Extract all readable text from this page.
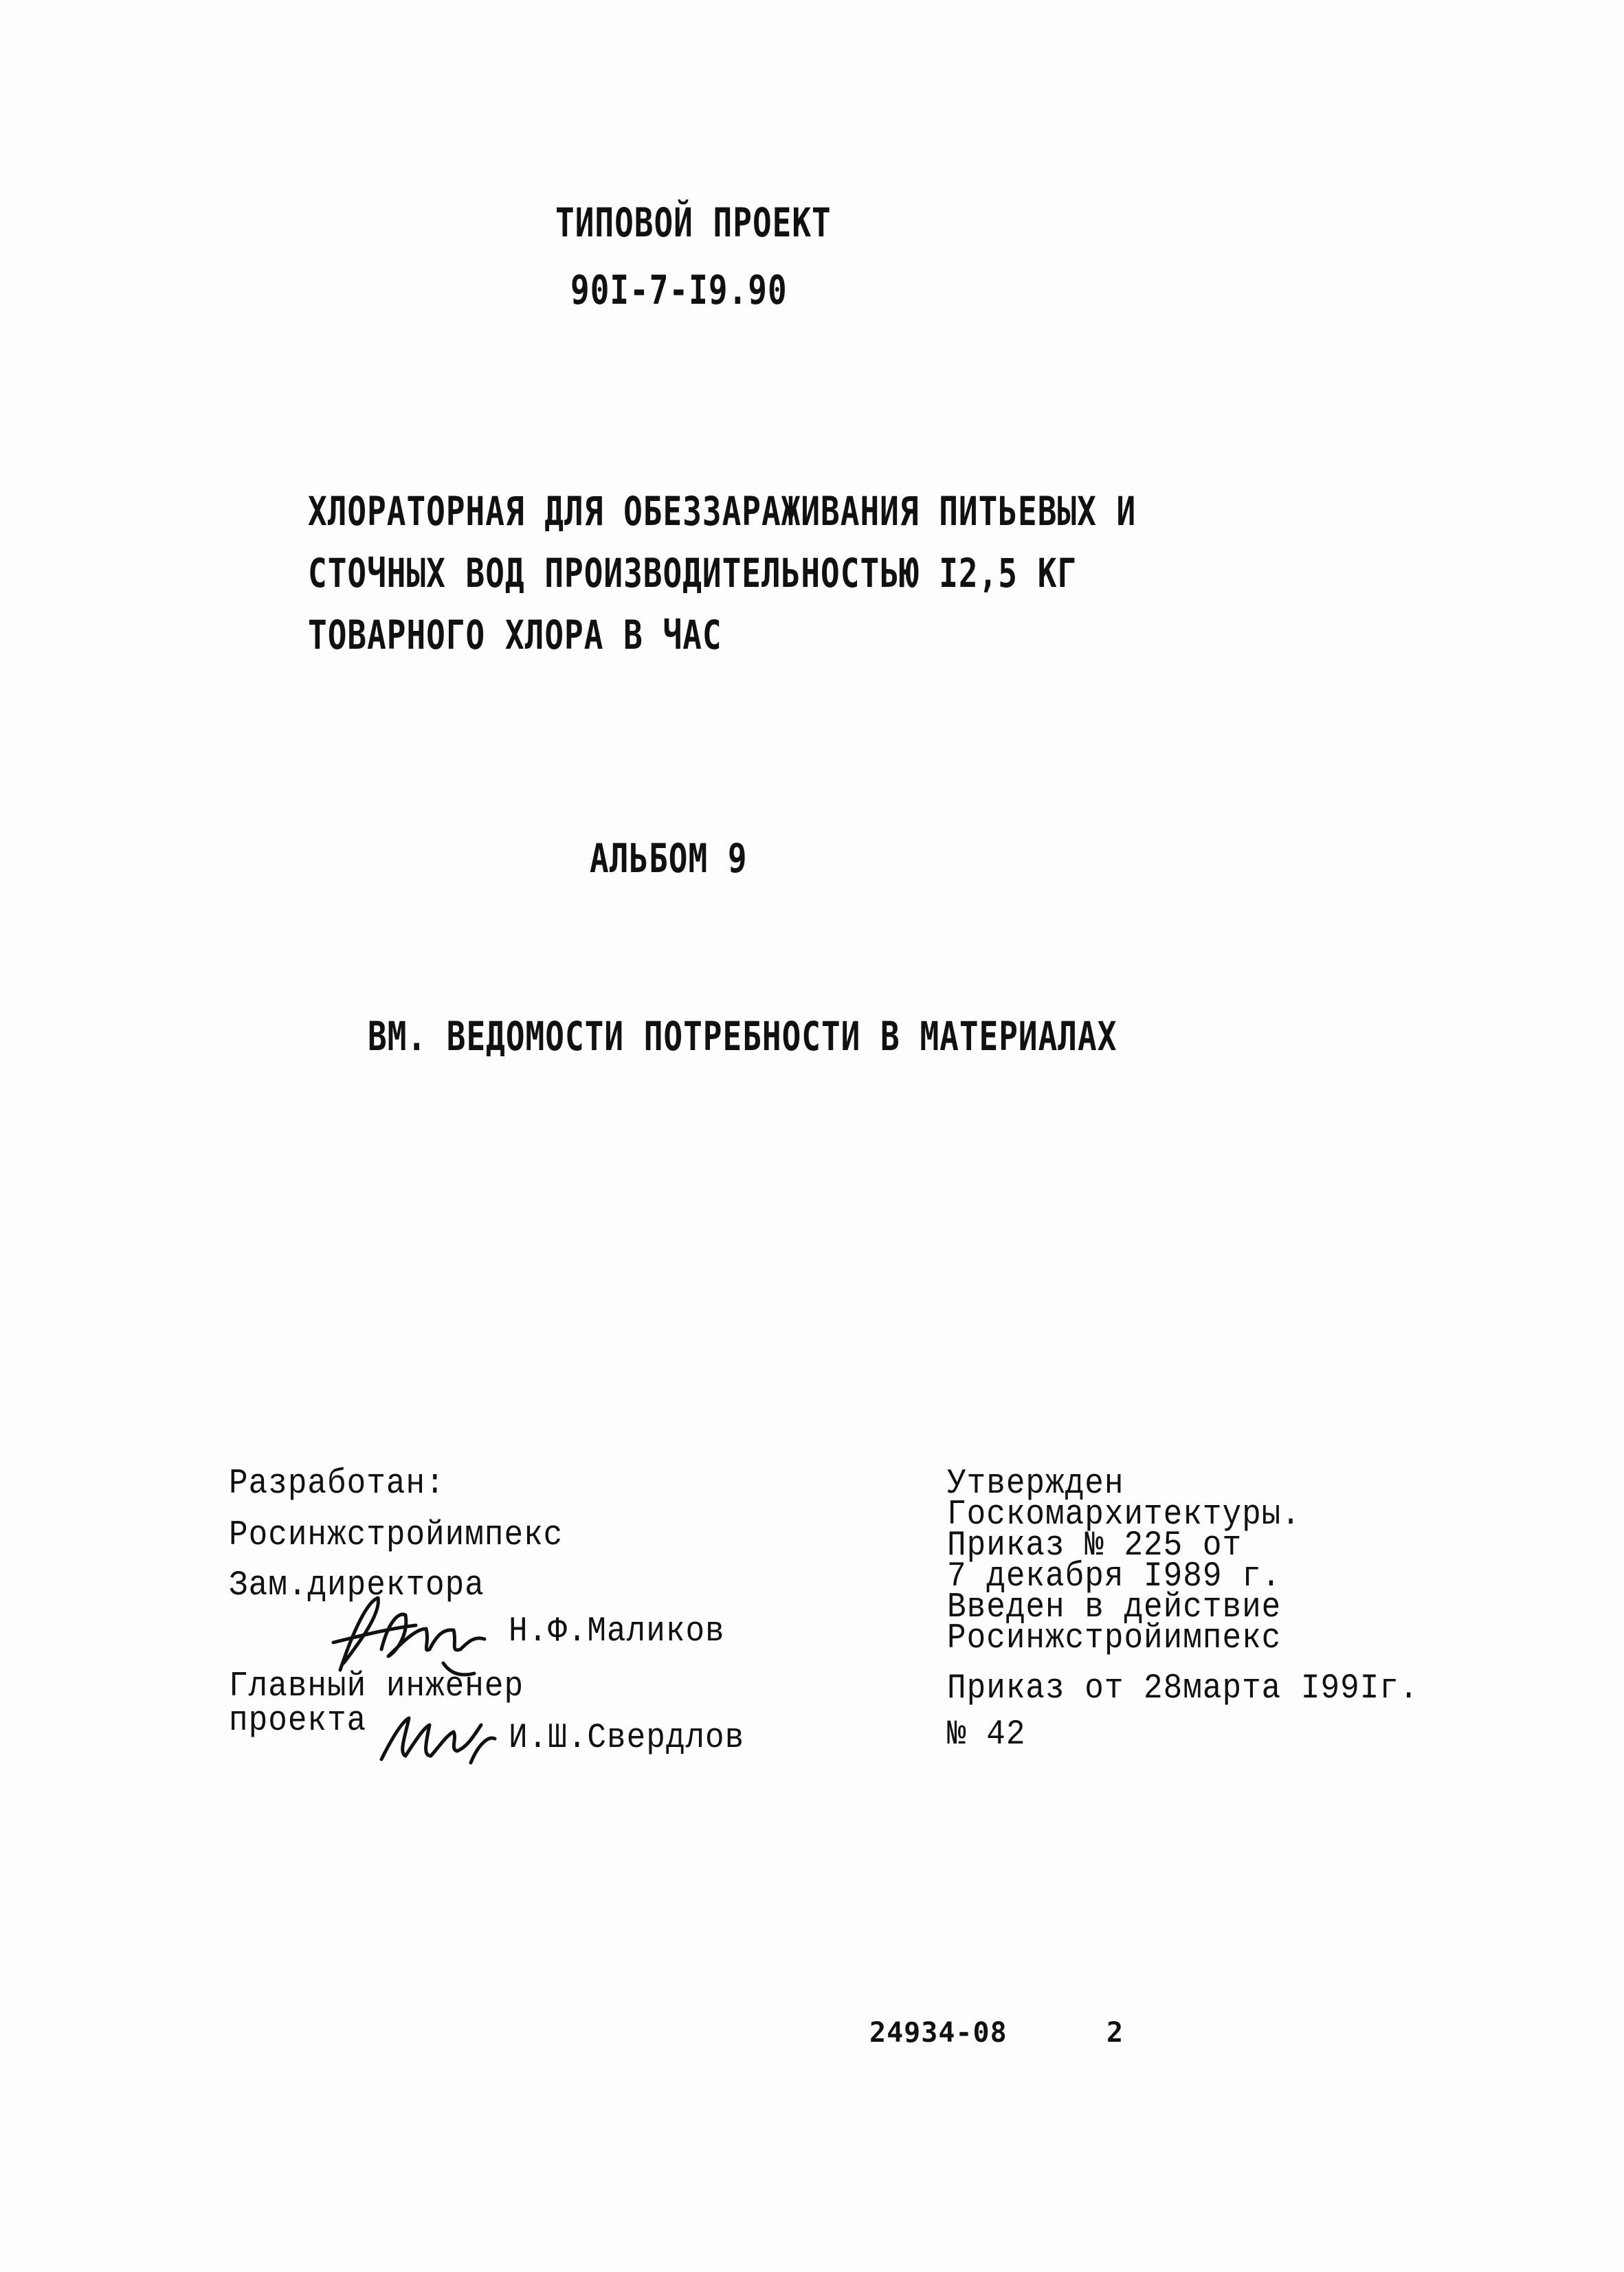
ТИПОВОЙ ПРОЕКТ
90I-7-I9.90
ХЛОРАТОРНАЯ ДЛЯ ОБЕЗЗАРАЖИВАНИЯ ПИТЬЕВЫХ И
СТОЧНЫХ ВОД ПРОИЗВОДИТЕЛЬНОСТЬЮ I2,5 КГ
ТОВАРНОГО ХЛОРА В ЧАС
АЛЬБОМ 9
ВМ. ВЕДОМОСТИ ПОТРЕБНОСТИ В МАТЕРИАЛАХ
Разработан:
Росинжстройимпекс
Зам.директора
Н.Ф.Маликов
Главный инженер
проекта	И.Ш.Свердлов
Утвержден
Госкомархитектуры.
Приказ № 225 от
7 декабря I989 г.
Введен в действие
Росинжстройимпекс
Приказ от 28марта I99Iг.
№ 42
24934-08	2
